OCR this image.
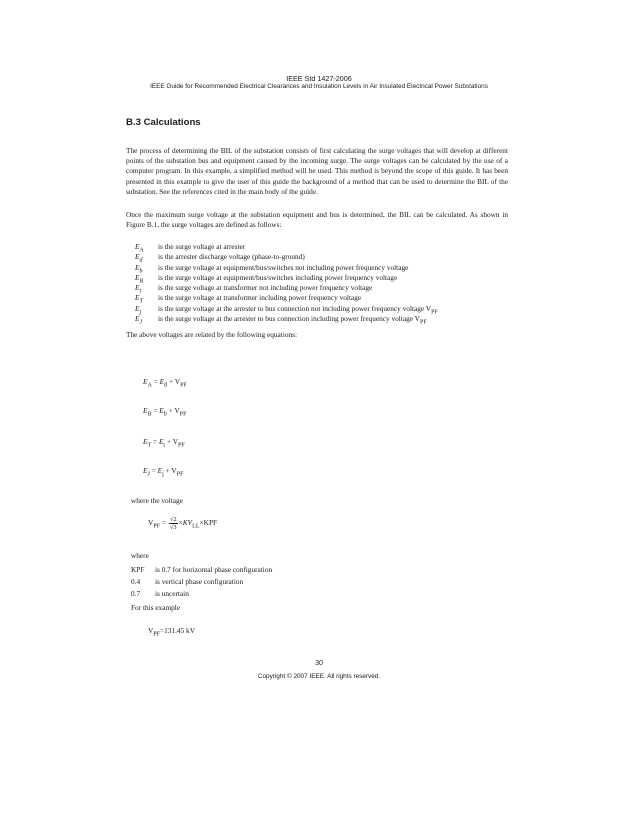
IEEE Std 1427-2006
IEEE Guide for Recommended Electrical Clearances and Insulation Levels in Air Insulated Electrical Power Substations
B.3 Calculations

The process of determining the BIL of the substation consists of first calculating the surge voltages that will develop at different points of the substation bus and equipment caused by the incoming surge. The surge voltages can be calculated by the use of a computer program. In this example, a simplified method will be used. This method is beyond the scope of this guide. It has been presented in this example to give the user of this guide the background of a method that can be used to determine the BIL of the substation. See the references cited in the main body of the guide.

Once the maximum surge voltage at the substation equipment and bus is determined, the BIL can be calculated. As shown in Figure B.1, the surge voltages are defined as follows:

$E_A$	is the surge voltage at arrester
$E_d$	is the arrester discharge voltage (phase-to-ground)
$E_b$	is the surge voltage at equipment/bus/switches not including power frequency voltage
$E_B$	is the surge voltage at equipment/bus/switches including power frequency voltage
$E_t$	is the surge voltage at transformer not including power frequency voltage
$E_T$	is the surge voltage at transformer including power frequency voltage
$E_j$	is the surge voltage at the arrester to bus connection not including power frequency voltage $V_{PF}$
$E_J$	is the surge voltage at the arrester to bus connection including power frequency voltage $V_{PF}$
The above voltages are related by the following equations:
$E_A = E_d + V_{PF}$
$E_B = E_b + V_{PF}$
$E_T = E_t + V_{PF}$
$E_J = E_j + V_{PF}$
where the voltage
$V_{PF} = \frac{√2}{√3} \times KV_{LL}\times KPF$
where
KPF	is 0.7 for horizontal phase configuration
0.4	is vertical phase configuration
0.7	is uncertain
For this example
$V_{PF}=131.45$ kV
30
Copyright © 2007 IEEE. All rights reserved.
